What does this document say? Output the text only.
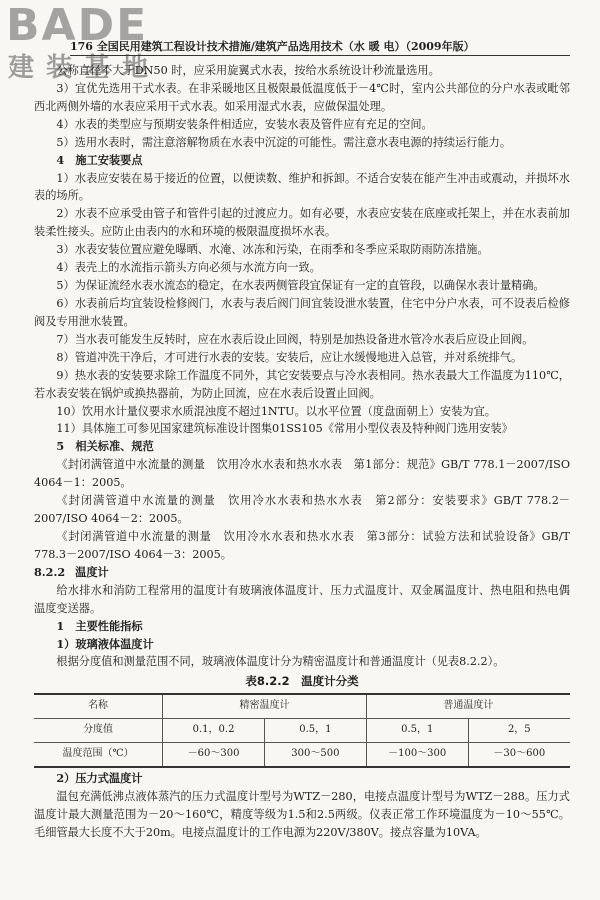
BADE
建装基地
176 全国民用建筑工程设计技术措施/建筑产品选用技术（水 暖 电）（2009年版）

公称直径不大于DN50 时，应采用旋翼式水表，按给水系统设计秒流量选用。

3）宜优先选用干式水表。在非采暖地区且极限最低温度低于－4℃时，室内公共部位的分户水表或毗邻西北两侧外墙的水表应采用干式水表。如采用湿式水表，应做保温处理。

4）水表的类型应与预期安装条件相适应，安装水表及管件应有充足的空间。

5）选用水表时，需注意溶解物质在水表中沉淀的可能性。需注意水表电源的持续运行能力。

4　 施工安装要点

1）水表应安装在易于接近的位置，以便读数、维护和拆卸。不适合安装在能产生冲击或震动，并损坏水表的场所。

2）水表不应承受由管子和管件引起的过渡应力。如有必要，水表应安装在底座或托架上，并在水表前加装柔性接头。应防止由表内的水和环境的极限温度损坏水表。

3）水表安装位置应避免曝晒、水淹、冰冻和污染，在雨季和冬季应采取防雨防冻措施。

4）表壳上的水流指示箭头方向必须与水流方向一致。

5）为保证流经水表水流态的稳定，在水表两侧管段宜保证有一定的直管段，以确保水表计量精确。

6）水表前后均宜装设检修阀门，水表与表后阀门间宜装设泄水装置，住宅中分户水表，可不设表后检修阀及专用泄水装置。

7）当水表可能发生反转时，应在水表后设止回阀，特别是加热设备进水管冷水表后应设止回阀。

8）管道冲洗干净后，才可进行水表的安装。安装后，应让水缓慢地进入总管，并对系统排气。

9）热水表的安装要求除工作温度不同外，其它安装要点与冷水表相同。热水表最大工作温度为110℃，若水表安装在锅炉或换热器前，为防止回流，应在水表后设置止回阀。

10）饮用水计量仪要求水质混浊度不超过1NTU。以水平位置（度盘面朝上）安装为宜。

11）具体施工可参见国家建筑标准设计图集01SS105《常用小型仪表及特种阀门选用安装》

5　 相关标准、规范

《封闭满管道中水流量的测量　饮用冷水水表和热水水表　第1部分：规范》GB/T 778.1－2007/ISO 4064－1：2005。

《封闭满管道中水流量的测量　饮用冷水水表和热水水表　第2部分：安装要求》GB/T 778.2－2007/ISO 4064－2：2005。

《封闭满管道中水流量的测量　饮用冷水水表和热水水表　第3部分：试验方法和试验设备》GB/T 778.3－2007/ISO 4064－3：2005。

8.2.2 温度计

给水排水和消防工程常用的温度计有玻璃液体温度计、压力式温度计、双金属温度计、热电阻和热电偶温度变送器。

1　 主要性能指标

1）玻璃液体温度计

根据分度值和测量范围不同，玻璃液体温度计分为精密温度计和普通温度计（见表8.2.2）。

表8.2.2　温度计分类
名称	精密温度计		普通温度计	
分度值	0.1，0.2	0.5，1	0.5，1	2，5
温度范围（℃）	－60～300	300～500	－100～300	－30～600

2）压力式温度计

温包充满低沸点液体蒸汽的压力式温度计型号为WTZ－280，电接点温度计型号为WTZ－288。压力式温度计最大测量范围为－20～160℃，精度等级为1.5和2.5两级。仪表正常工作环境温度为－10～55℃。毛细管最大长度不大于20m。电接点温度计的工作电源为220V/380V。接点容量为10VA。
